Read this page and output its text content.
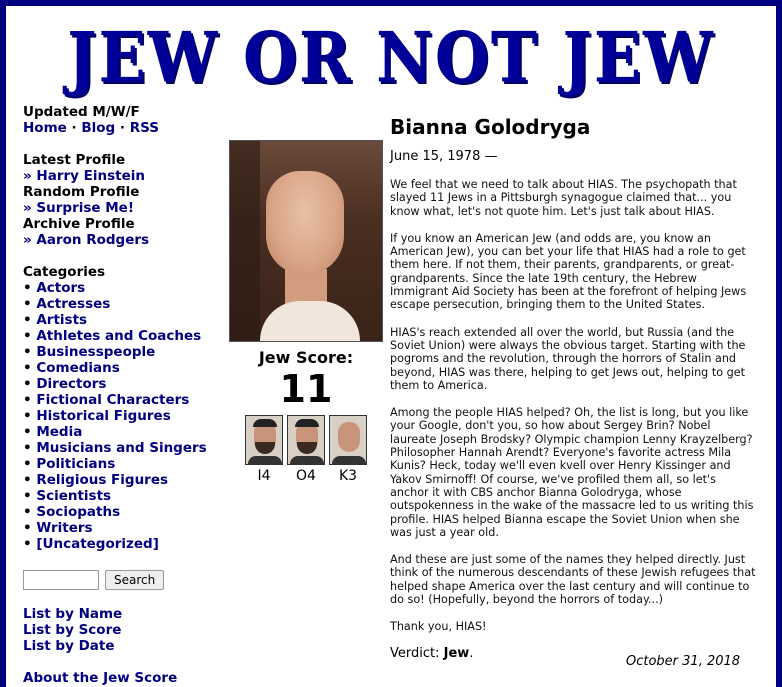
JEW OR NOT JEW
Updated M/W/F
Home · Blog · RSS
Latest Profile
» Harry Einstein
Random Profile
» Surprise Me!
Archive Profile
» Aaron Rodgers
Categories
• Actors
• Actresses
• Artists
• Athletes and Coaches
• Businesspeople
• Comedians
• Directors
• Fictional Characters
• Historical Figures
• Media
• Musicians and Singers
• Politicians
• Religious Figures
• Scientists
• Sociopaths
• Writers
• [Uncategorized]
Search
List by Name
List by Score
List by Date
About the Jew Score
Jew Score:
11
I4	O4	K3
Bianna Golodryga
June 15, 1978 —

We feel that we need to talk about HIAS. The psychopath that slayed 11 Jews in a Pittsburgh synagogue claimed that... you know what, let's not quote him. Let's just talk about HIAS.

If you know an American Jew (and odds are, you know an American Jew), you can bet your life that HIAS had a role to get them here. If not them, their parents, grandparents, or great-grandparents. Since the late 19th century, the Hebrew Immigrant Aid Society has been at the forefront of helping Jews escape persecution, bringing them to the United States.

HIAS's reach extended all over the world, but Russia (and the Soviet Union) were always the obvious target. Starting with the pogroms and the revolution, through the horrors of Stalin and beyond, HIAS was there, helping to get Jews out, helping to get them to America.

Among the people HIAS helped? Oh, the list is long, but you like your Google, don't you, so how about Sergey Brin? Nobel laureate Joseph Brodsky? Olympic champion Lenny Krayzelberg? Philosopher Hannah Arendt? Everyone's favorite actress Mila Kunis? Heck, today we'll even kvell over Henry Kissinger and Yakov Smirnoff! Of course, we've profiled them all, so let's anchor it with CBS anchor Bianna Golodryga, whose outspokenness in the wake of the massacre led to us writing this profile. HIAS helped Bianna escape the Soviet Union when she was just a year old.

And these are just some of the names they helped directly. Just think of the numerous descendants of these Jewish refugees that helped shape America over the last century and will continue to do so! (Hopefully, beyond the horrors of today...)

Thank you, HIAS!

Verdict: Jew.
October 31, 2018
